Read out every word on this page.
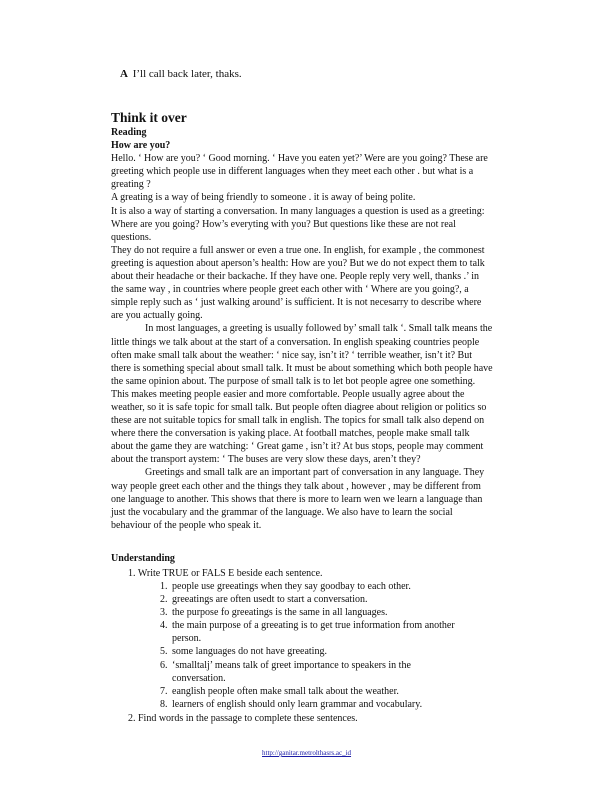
A I’ll call back later, thaks.
Think it over

Reading

How are you?

Hello. ‘ How are you? ‘ Good morning. ‘ Have you eaten yet?’ Were are you going? These are greeting which people use in different languages when they meet each other . but what is a greating ?

A greating is a way of being friendly to someone . it is away of being polite.

It is also a way of starting a conversation. In many languages a question is used as a greeting: Where are you going? How’s everyting with you? But questions like these are not real questions.

They do not require a full answer or even a true one. In english, for example , the commonest greeting is aquestion about aperson’s health: How are you? But we do not expect them to talk about their headache or their backache. If they have one. People reply very well, thanks .’ in the same way , in countries where people greet each other with ‘ Where are you going?, a simple reply such as ‘ just walking around’ is sufficient. It is not necesarry to describe where are you actually going.

In most languages, a greeting is usually followed by’ small talk ‘. Small talk means the little things we talk about at the start of a conversation. In english speaking countries people often make small talk about the weather: ‘ nice say, isn’t it? ‘ terrible weather, isn’t it? But there is something special about small talk. It must be about something which both people have the same opinion about. The purpose of small talk is to let bot people agree one something. This makes meeting people easier and more comfortable. People usually agree about the weather, so it is safe topic for small talk. But people often diagree about religion or politics so these are not suitable topics for small talk in english. The topics for small talk also depend on where there the conversation is yaking place. At football matches, people make small talk about the game they are watching: ‘ Great game , isn’t it? At bus stops, people may comment about the transport aystem: ‘ The buses are very slow these days, aren’t they?

Greetings and small talk are an important part of conversation in any language. They way people greet each other and the things they talk about , however , may be different from one language to another. This shows that there is more to learn wen we learn a language than just the vocabulary and the grammar of the language. We also have to learn the social behaviour of the people who speak it.

Understanding
1. Write TRUE or FALS E beside each sentence.
1. people use greeatings when they say goodbay to each other.
2. greeatings are often usedt to start a conversation.
3. the purpose fo greeatings is the same in all languages.
4. the main purpose of a greeating is to get true information from another person.
5. some languages do not have greeating.
6. ‘smalltalj’ means talk of greet importance to speakers in the conversation.
7. eanglish people often make small talk about the weather.
8. learners of english should only learn grammar and vocabulary.
2. Find words in the passage to complete these sentences.
http://ganitar.metrolthasrs.ac_id
